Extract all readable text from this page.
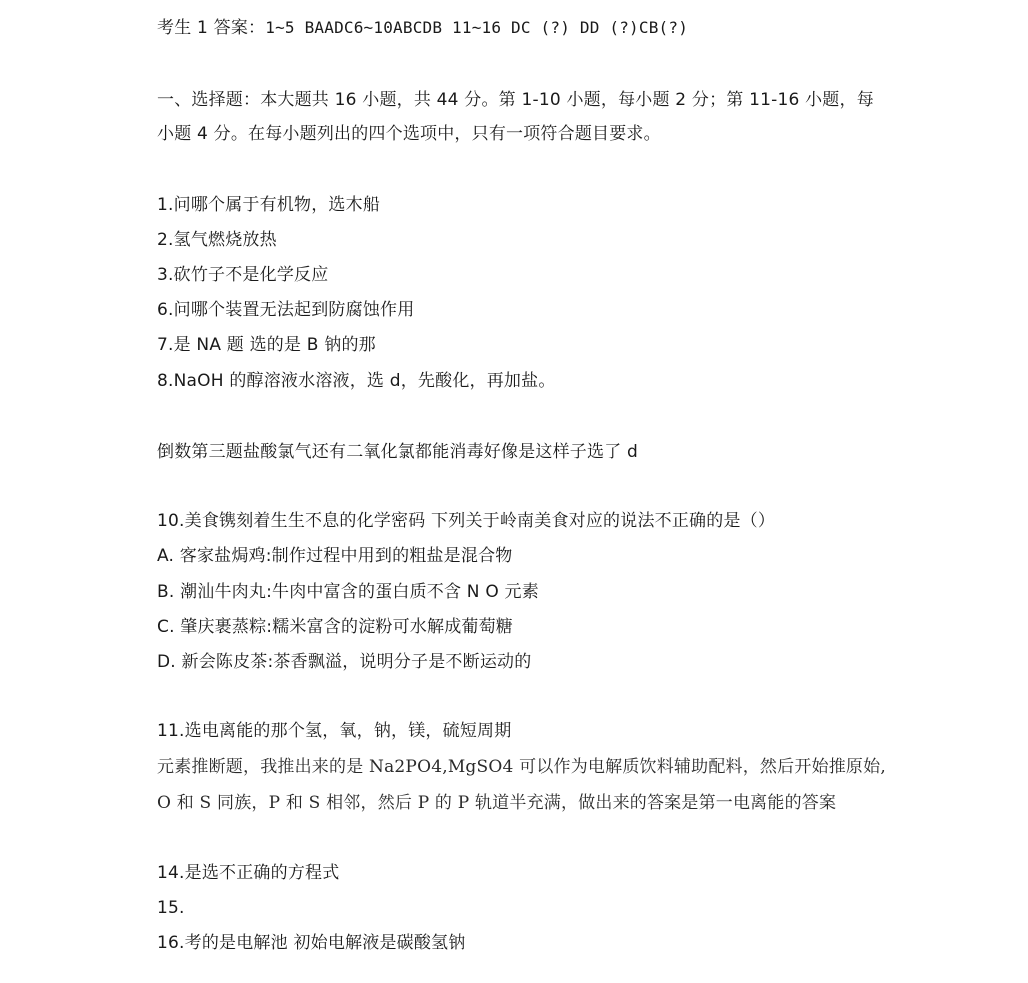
考生 1 答案：1~5 BAADC6~10ABCDB 11~16 DC (?) DD (?)CB(?)
一、选择题：本大题共 16 小题，共 44 分。第 1-10 小题，每小题 2 分；第 11-16 小题，每
小题 4 分。在每小题列出的四个选项中，只有一项符合题目要求。
1.问哪个属于有机物，选木船
2.氢气燃烧放热
3.砍竹子不是化学反应
6.问哪个装置无法起到防腐蚀作用
7.是 NA 题 选的是 B 钠的那
8.NaOH 的醇溶液水溶液，选 d，先酸化，再加盐。
倒数第三题盐酸氯气还有二氧化氯都能消毒好像是这样子选了 d
10.美食镌刻着生生不息的化学密码 下列关于岭南美食对应的说法不正确的是（）
A. 客家盐焗鸡:制作过程中用到的粗盐是混合物
B. 潮汕牛肉丸:牛肉中富含的蛋白质不含 N O 元素
C. 肇庆裹蒸粽:糯米富含的淀粉可水解成葡萄糖
D. 新会陈皮茶:茶香飘溢，说明分子是不断运动的
11.选电离能的那个氢，氧，钠，镁，硫短周期
元素推断题，我推出来的是 Na2PO4,MgSO4 可以作为电解质饮料辅助配料，然后开始推原始,
O 和 S 同族，P 和 S 相邻，然后 P 的 P 轨道半充满，做出来的答案是第一电离能的答案
14.是选不正确的方程式
15.
16.考的是电解池 初始电解液是碳酸氢钠
